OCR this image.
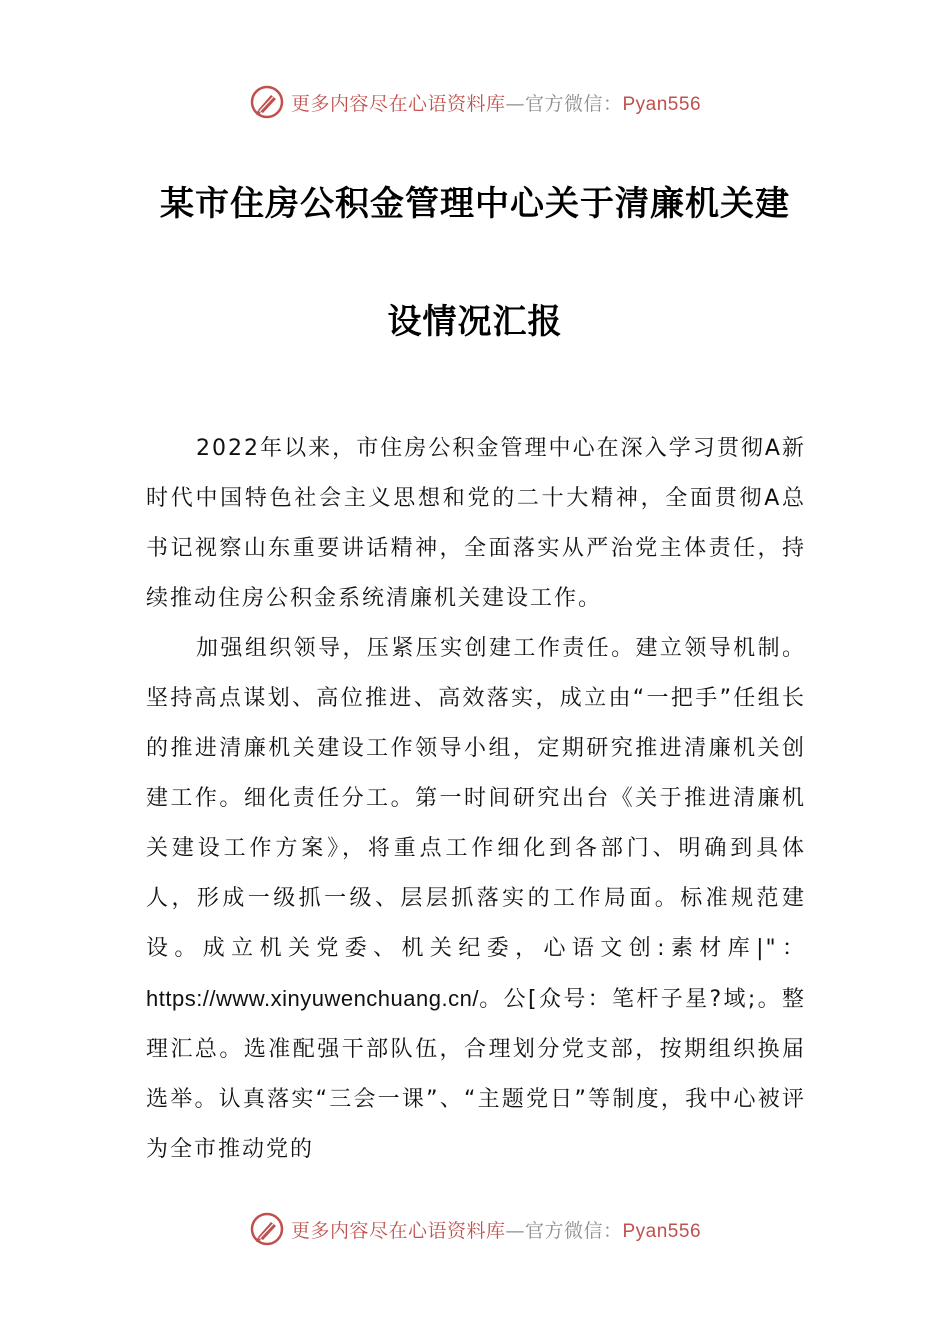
更多内容尽在心语资料库—官方微信：Pyan556
某市住房公积金管理中心关于清廉机关建
设情况汇报

2022年以来，市住房公积金管理中心在深入学习贯彻A新时代中国特色社会主义思想和党的二十大精神，全面贯彻A总书记视察山东重要讲话精神，全面落实从严治党主体责任，持续推动住房公积金系统清廉机关建设工作。

加强组织领导，压紧压实创建工作责任。建立领导机制。坚持高点谋划、高位推进、高效落实，成立由“一把手”任组长的推进清廉机关建设工作领导小组，定期研究推进清廉机关创建工作。细化责任分工。第一时间研究出台《关于推进清廉机关建设工作方案》，将重点工作细化到各部门、明确到具体人，形成一级抓一级、层层抓落实的工作局面。标准规范建设。成立机关党委、机关纪委，心语文创:素材库|"：https://www.xinyuwenchuang.cn/。公[众号：笔杆子星?域;。整理汇总。选准配强干部队伍，合理划分党支部，按期组织换届选举。认真落实“三会一课”、“主题党日”等制度，我中心被评为全市推动党的

更多内容尽在心语资料库—官方微信：Pyan556
